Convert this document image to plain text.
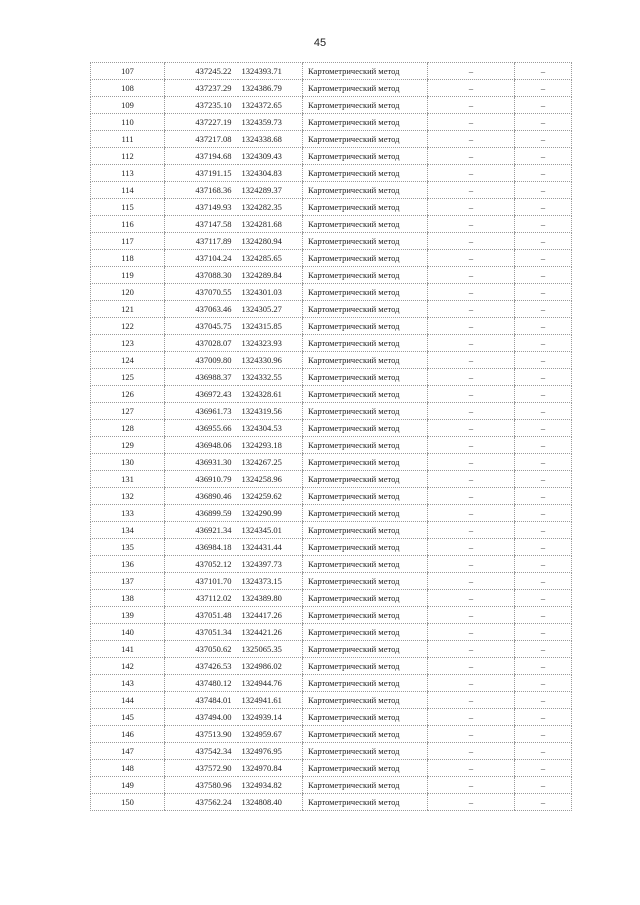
45
107	437245.22	1324393.71	Картометрический метод	–	–
108	437237.29	1324386.79	Картометрический метод	–	–
109	437235.10	1324372.65	Картометрический метод	–	–
110	437227.19	1324359.73	Картометрический метод	–	–
111	437217.08	1324338.68	Картометрический метод	–	–
112	437194.68	1324309.43	Картометрический метод	–	–
113	437191.15	1324304.83	Картометрический метод	–	–
114	437168.36	1324289.37	Картометрический метод	–	–
115	437149.93	1324282.35	Картометрический метод	–	–
116	437147.58	1324281.68	Картометрический метод	–	–
117	437117.89	1324280.94	Картометрический метод	–	–
118	437104.24	1324285.65	Картометрический метод	–	–
119	437088.30	1324289.84	Картометрический метод	–	–
120	437070.55	1324301.03	Картометрический метод	–	–
121	437063.46	1324305.27	Картометрический метод	–	–
122	437045.75	1324315.85	Картометрический метод	–	–
123	437028.07	1324323.93	Картометрический метод	–	–
124	437009.80	1324330.96	Картометрический метод	–	–
125	436988.37	1324332.55	Картометрический метод	–	–
126	436972.43	1324328.61	Картометрический метод	–	–
127	436961.73	1324319.56	Картометрический метод	–	–
128	436955.66	1324304.53	Картометрический метод	–	–
129	436948.06	1324293.18	Картометрический метод	–	–
130	436931.30	1324267.25	Картометрический метод	–	–
131	436910.79	1324258.96	Картометрический метод	–	–
132	436890.46	1324259.62	Картометрический метод	–	–
133	436899.59	1324290.99	Картометрический метод	–	–
134	436921.34	1324345.01	Картометрический метод	–	–
135	436984.18	1324431.44	Картометрический метод	–	–
136	437052.12	1324397.73	Картометрический метод	–	–
137	437101.70	1324373.15	Картометрический метод	–	–
138	437112.02	1324389.80	Картометрический метод	–	–
139	437051.48	1324417.26	Картометрический метод	–	–
140	437051.34	1324421.26	Картометрический метод	–	–
141	437050.62	1325065.35	Картометрический метод	–	–
142	437426.53	1324986.02	Картометрический метод	–	–
143	437480.12	1324944.76	Картометрический метод	–	–
144	437484.01	1324941.61	Картометрический метод	–	–
145	437494.00	1324939.14	Картометрический метод	–	–
146	437513.90	1324959.67	Картометрический метод	–	–
147	437542.34	1324976.95	Картометрический метод	–	–
148	437572.90	1324970.84	Картометрический метод	–	–
149	437580.96	1324934.82	Картометрический метод	–	–
150	437562.24	1324808.40	Картометрический метод	–	–
